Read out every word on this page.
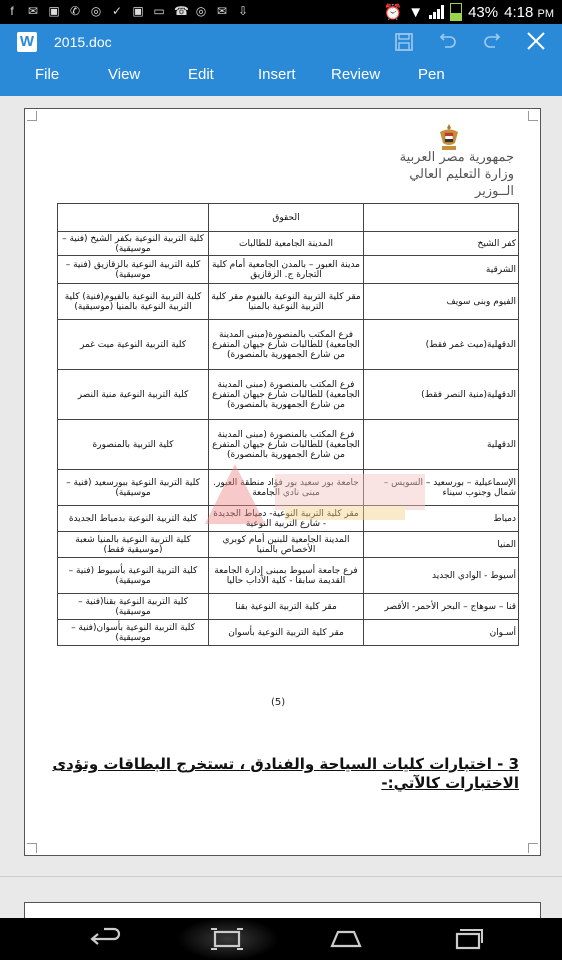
f	✉ ▣ ✆ ◎ ✓ ▣ ▭ ☎ ◎ ✉ ⇩	⏰ ▼	43% 4:18 PM
W 2015.doc
File	View	Edit	Insert Review	Pen
جمهورية مصر العربية
وزارة التعليم العالي
الــوزير
	الحقوق	
كفر الشيخ	المدينة الجامعية للطالبات	كلية التربية النوعية بكفر الشيخ (فنية – موسيقية)
الشرقية	مدينة العبور – بالمدن الجامعية أمام كلية التجارة ج. الزقازيق	كلية التربية النوعية بالزقازيق (فنية – موسيقية)
الفيوم وبنى سويف	مقر كلية التربية النوعية بالفيوم مقر كلية التربية النوعية بالمنيا	كلية التربية النوعية بالفيوم(فنية) كلية التربية النوعية بالمنيا (موسيقية)
الدقهلية(ميت غمر فقط)	فرع المكتب بالمنصورة(مبنى المدينة الجامعية) للطالبات شارع جيهان المتفرع من شارع الجمهورية بالمنصورة)	كلية التربية النوعية ميت غمر
الدقهلية(منية النصر فقط)	فرع المكتب بالمنصورة (مبنى المدينة الجامعية) للطالبات شارع جيهان المتفرع من شارع الجمهورية بالمنصورة)	كلية التربية النوعية منية النصر
الدقهلية	فرع المكتب بالمنصورة (مبنى المدينة الجامعية) للطالبات شارع جيهان المتفرع من شارع الجمهورية بالمنصورة)	كلية التربية بالمنصورة
الإسماعيلية – بورسعيد – السويس – شمال وجنوب سيناء	جامعة بور سعيد بور فؤاد منطقة العبور. مبنى نادي الجامعة	كلية التربية النوعية ببورسعيد (فنية – موسيقية)
دمياط	مقر كلية التربية النوعية- دمياط الجديدة - شارع التربية النوعية	كلية التربية النوعية بدمياط الجديدة
المنيا	المدينة الجامعية للبنين أمام كوبري الأخصاص بالمنيا	كلية التربية النوعية بالمنيا شعبة (موسيقية فقط)
أسيوط - الوادي الجديد	فرع جامعة أسيوط بمبنى إدارة الجامعة القديمة سابقا - كلية الآداب حاليا	كلية التربية النوعية بأسيوط (فنية – موسيقية)
قنا – سوهاج – البحر الأحمر- الأقصر	مقر كلية التربية النوعية بقنا	كلية التربية النوعية بقنا(فنية – موسيقية)
أسـوان	مقر كلية التربية النوعية بأسوان	كلية التربية النوعية بأسوان(فنية – موسيقية)
(5)
3 - اختبارات كليات السياحة والفنادق ، تستخرج البطاقات وتؤدى الاختبارات كالآتي:-
